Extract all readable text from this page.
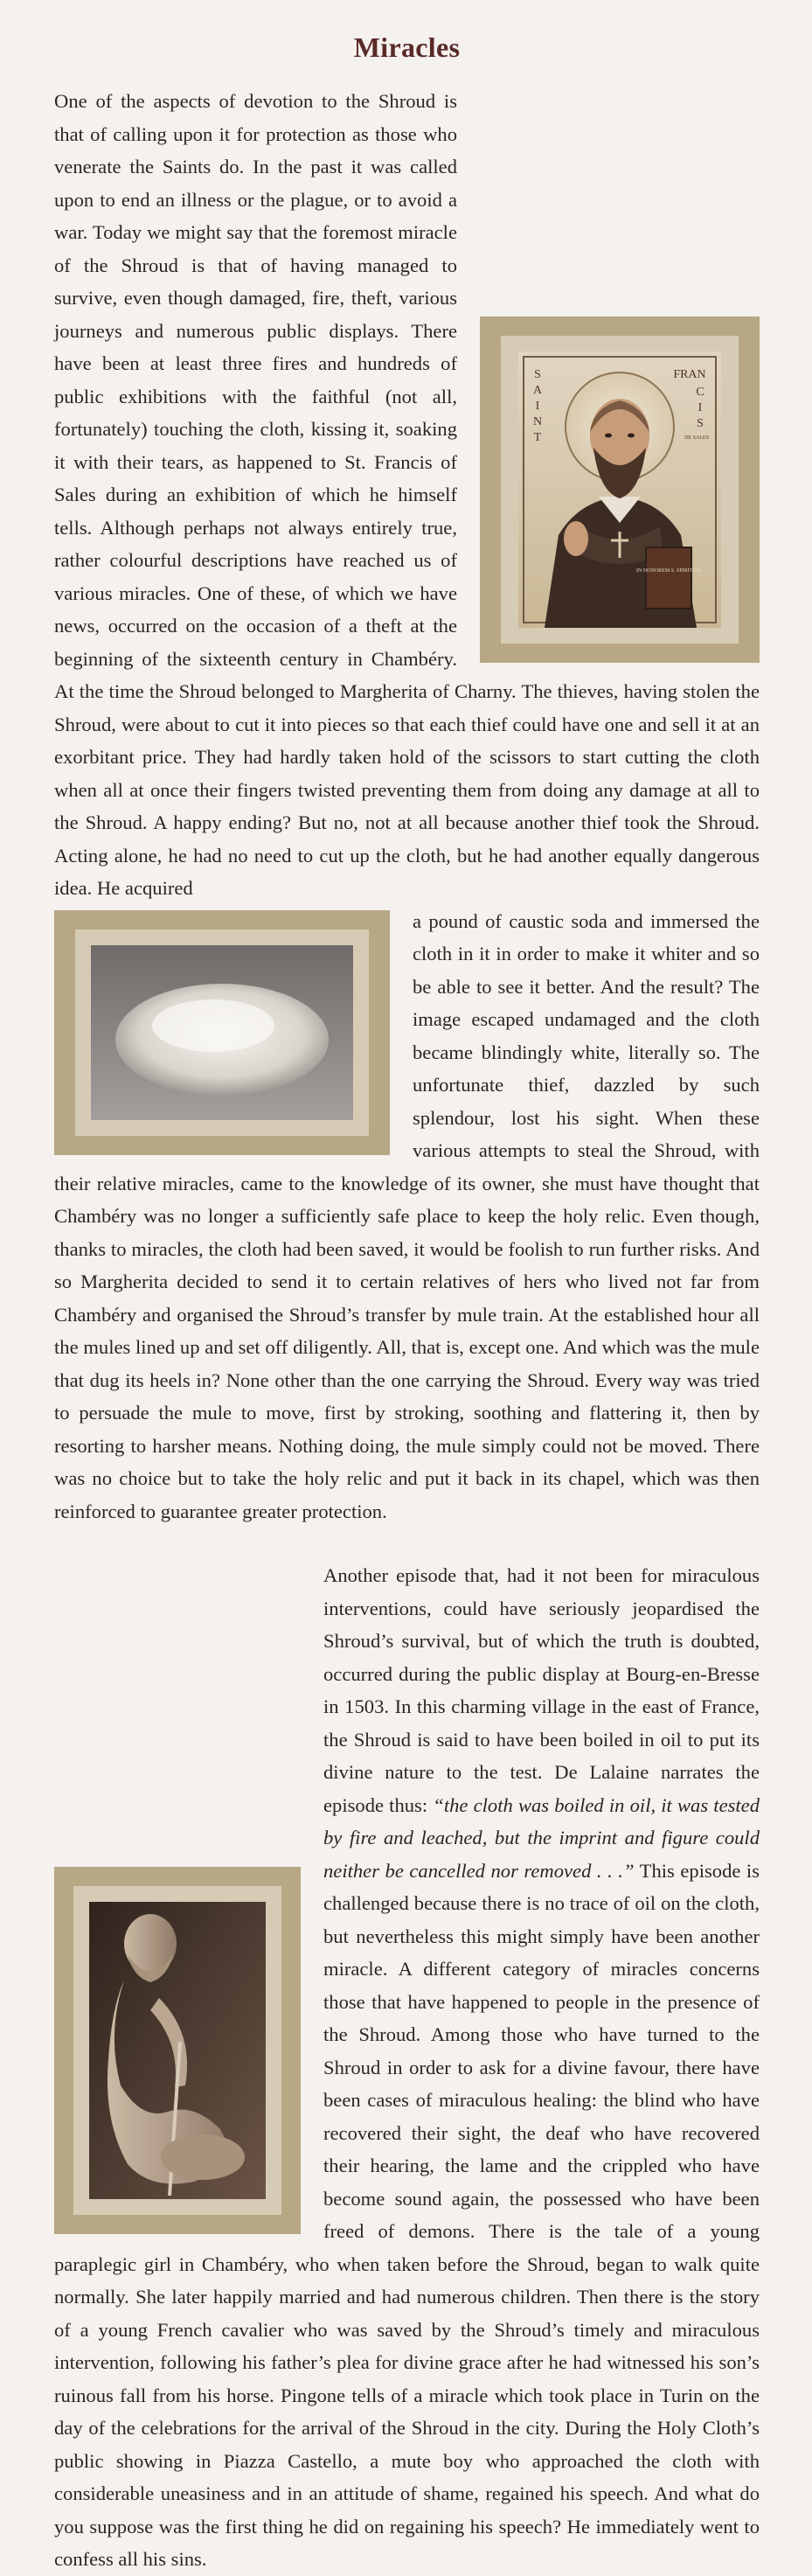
Miracles
IN HONOREM S. SPIRITUM
S
A
I
N
T
FRAN
C
I
S
DE SALES

One of the aspects of devotion to the Shroud is that of calling upon it for protection as those who venerate the Saints do. In the past it was called upon to end an illness or the plague, or to avoid a war. Today we might say that the foremost miracle of the Shroud is that of having managed to survive, even though damaged, fire, theft, various journeys and numerous public displays. There have been at least three fires and hundreds of public exhibitions with the faithful (not all, fortunately) touching the cloth, kissing it, soaking it with their tears, as happened to St. Francis of Sales during an exhibition of which he himself tells. Although perhaps not always entirely true, rather colourful descriptions have reached us of various miracles. One of these, of which we have news, occurred on the occasion of a theft at the beginning of the sixteenth century in Chambéry. At the time the Shroud belonged to Margherita of Charny. The thieves, having stolen the Shroud, were about to cut it into pieces so that each thief could have one and sell it at an exorbitant price. They had hardly taken hold of the scissors to start cutting the cloth when all at once their fingers twisted preventing them from doing any damage at all to the Shroud. A happy ending? But no, not at all because another thief took the Shroud. Acting alone, he had no need to cut up the cloth, but he had another equally dangerous idea. He acquired

a pound of caustic soda and immersed the cloth in it in order to make it whiter and so be able to see it better. And the result? The image escaped undamaged and the cloth became blindingly white, literally so. The unfortunate thief, dazzled by such splendour, lost his sight. When these various attempts to steal the Shroud, with their relative miracles, came to the knowledge of its owner, she must have thought that Chambéry was no longer a sufficiently safe place to keep the holy relic. Even though, thanks to miracles, the cloth had been saved, it would be foolish to run further risks. And so Margherita decided to send it to certain relatives of hers who lived not far from Chambéry and organised the Shroud’s transfer by mule train. At the established hour all the mules lined up and set off diligently. All, that is, except one. And which was the mule that dug its heels in? None other than the one carrying the Shroud. Every way was tried to persuade the mule to move, first by stroking, soothing and flattering it, then by resorting to harsher means. Nothing doing, the mule simply could not be moved. There was no choice but to take the holy relic and put it back in its chapel, which was then reinforced to guarantee greater protection.

Another episode that, had it not been for miraculous interventions, could have seriously jeopardised the Shroud’s survival, but of which the truth is doubted, occurred during the public display at Bourg-en-Bresse in 1503. In this charming village in the east of France, the Shroud is said to have been boiled in oil to put its divine nature to the test. De Lalaine narrates the episode thus: “the cloth was boiled in oil, it was tested by fire and leached, but the imprint and figure could neither be cancelled nor removed . . .” This episode is challenged because there is no trace of oil on the cloth, but nevertheless this might simply have been another miracle. A different category of miracles concerns those that have happened to people in the presence of the Shroud. Among those who have turned to the Shroud in order to ask for a divine favour, there have been cases of miraculous healing: the blind who have recovered their sight, the deaf who have recovered their hearing, the lame and the crippled who have become sound again, the possessed who have been freed of demons. There is the tale of a young paraplegic girl in Chambéry, who when taken before the Shroud, began to walk quite normally. She later happily married and had numerous children. Then there is the story of a young French cavalier who was saved by the Shroud’s timely and miraculous intervention, following his father’s plea for divine grace after he had witnessed his son’s ruinous fall from his horse. Pingone tells of a miracle which took place in Turin on the day of the celebrations for the arrival of the Shroud in the city. During the Holy Cloth’s public showing in Piazza Castello, a mute boy who approached the cloth with considerable uneasiness and in an attitude of shame, regained his speech. And what do you suppose was the first thing he did on regaining his speech? He immediately went to confess all his sins.
